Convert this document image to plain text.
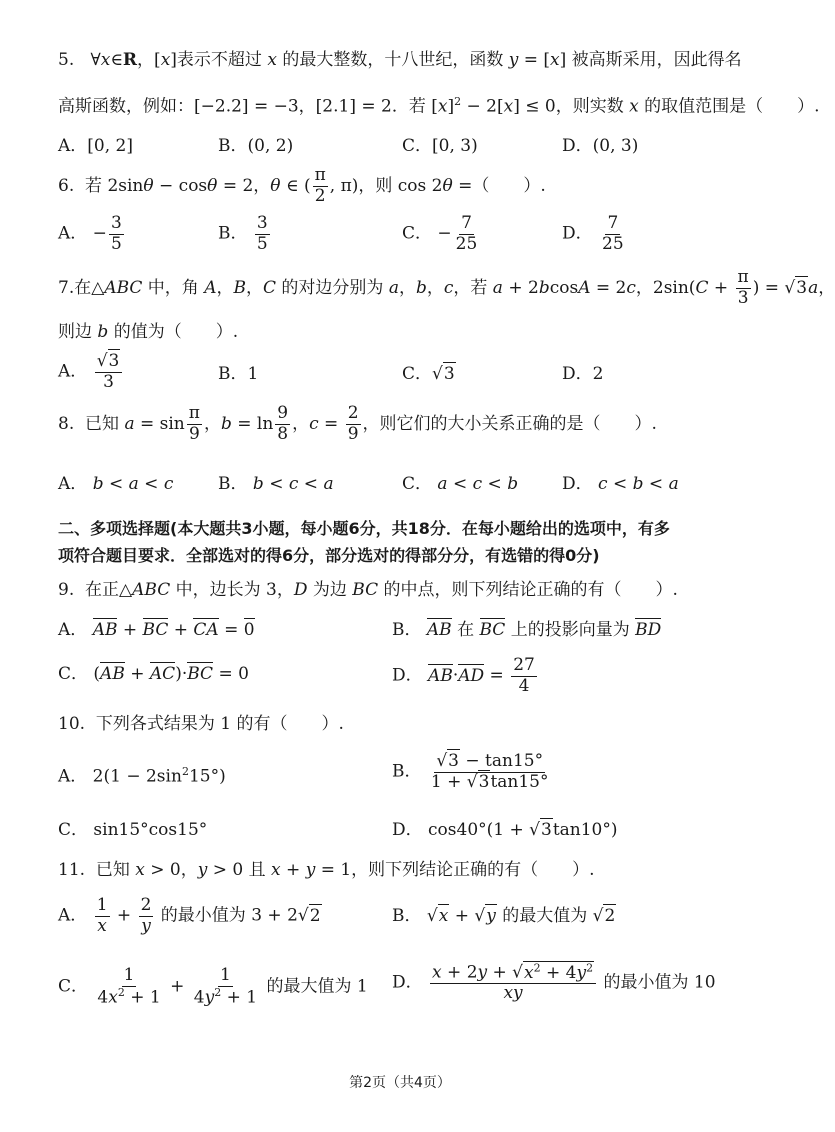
5.   ∀x∈R，[x]表示不超过 x 的最大整数，十八世纪，函数 y = [x] 被高斯采用，因此得名
高斯函数，例如：[−2.2] = −3，[2.1] = 2．若 $[x]^2 - 2[x] \le 0$，则实数 x 的取值范围是（　　）.
A．[0, 2]	B．(0, 2)	C．[0, 3)	D．(0, 3)
6.  若 2sinθ − cosθ = 2，θ ∈ ( $\frac{\pi}{2}$ , π)，则 cos 2θ =（　　）.
A． − $\frac{3}{5}$	B． $\frac{3}{5}$	C． − $\frac{7}{25}$	D． $\frac{7}{25}$
7.在△ABC 中，角 A，B，C 的对边分别为 a，b，c，若 a + 2bcosA = 2c，$2\sin(C + \frac{\pi}{3}$ ) = √3a，
则边 b 的值为（　　）.
A． $\frac{√3}{3}$	B．1	C．√3	D．2
8.  已知 $a = \sin \frac{\pi}{9}$ ，$b = \ln \frac{9}{8}$ ，$c = \frac{2}{9}$ ，则它们的大小关系正确的是（　　）.
A． b < a < c	B． b < c < a	C． a < c < b	D． c < b < a
二、多项选择题(本大题共3小题，每小题6分，共18分．在每小题给出的选项中，有多
项符合题目要求．全部选对的得6分，部分选对的得部分分，有选错的得0分)
9.  在正△ABC 中，边长为 3，D 为边 BC 的中点，则下列结论正确的有（　　）.
A． AB + BC + CA = 0	B． AB 在 BC 上的投影向量为 BD
C． (AB + AC)·BC = 0	D． $AB\cdot AD = \frac{27}{4}$
10.  下列各式结果为 1 的有（　　）.
A． $2(1 - 2\sin^215^\circ)$	B． $\frac{√3 - \tan 15^\circ}{1 + √3\tan 15^\circ}$
C． sin15°cos15°	D． cos40°(1 + √3tan10°)
11.  已知 x > 0，y > 0 且 x + y = 1，则下列结论正确的有（　　）.
A． $\frac{1}{x} + \frac{2}{y}$ 的最小值为 3 + 2√2	B． √x + √y 的最大值为 √2
C． $\frac{1}{4x^2 + 1} + \frac{1}{4y^2 + 1}$ 的最大值为 1 D． $\frac{x + 2y + √x^2 + 4y^2}{xy}$ 的最小值为 10
第2页（共4页）
